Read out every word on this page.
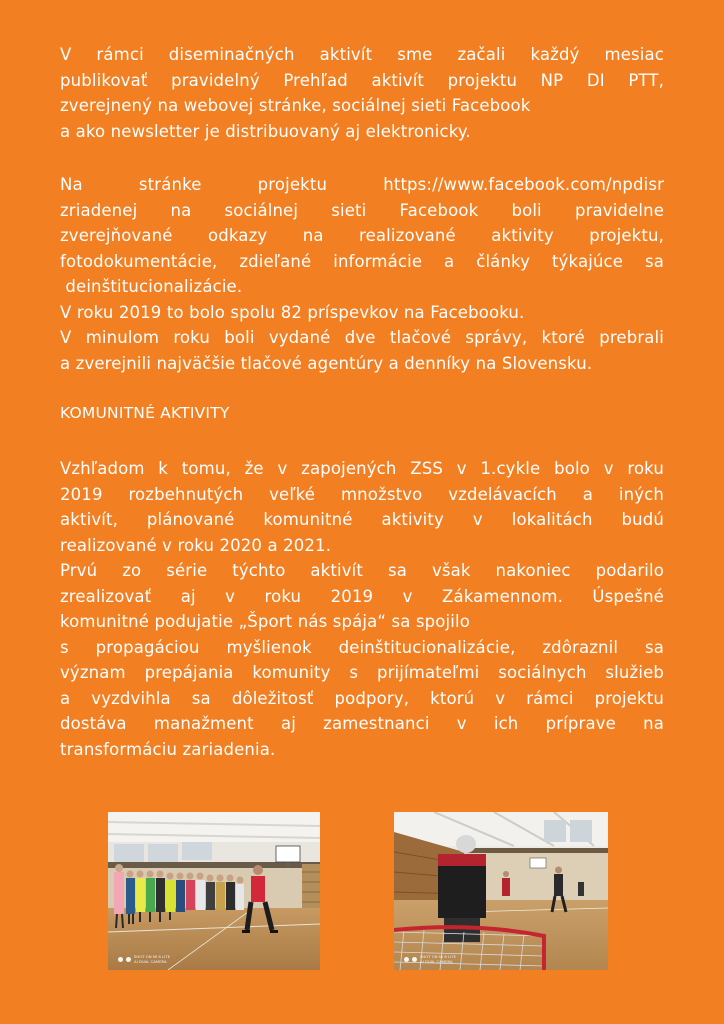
V rámci diseminačných aktivít sme začali každý mesiac
publikovať pravidelný Prehľad aktivít projektu NP DI PTT,
zverejnený na webovej stránke, sociálnej sieti Facebook
a ako newsletter je distribuovaný aj elektronicky.

Na stránke projektu https://www.facebook.com/npdisr
zriadenej na sociálnej sieti Facebook boli pravidelne
zverejňované odkazy na realizované aktivity projektu,
fotodokumentácie, zdieľané informácie a články týkajúce sa
deinštitucionalizácie.
V roku 2019 to bolo spolu 82 príspevkov na Facebooku.
V minulom roku boli vydané dve tlačové správy, ktoré prebrali
a zverejnili najväčšie tlačové agentúry a denníky na Slovensku.

KOMUNITNÉ AKTIVITY

Vzhľadom k tomu, že v zapojených ZSS v 1.cykle bolo v roku
2019 rozbehnutých veľké množstvo vzdelávacích a iných
aktivít, plánované komunitné aktivity v lokalitách budú
realizované v roku 2020 a 2021.
Prvú zo série týchto aktivít sa však nakoniec podarilo
zrealizovať aj v roku 2019 v Zákamennom. Úspešné
komunitné podujatie „Šport nás spája“ sa spojilo
s propagáciou myšlienok deinštitucionalizácie, zdôraznil sa
význam prepájania komunity s prijímateľmi sociálnych služieb
a vyzdvihla sa dôležitosť podpory, ktorú v rámci projektu
dostáva manažment aj zamestnanci v ich príprave na
transformáciu zariadenia.

SHOT ON MI 8 LITE
AI DUAL CAMERA
SHOT ON MI 8 LITE
AI DUAL CAMERA
